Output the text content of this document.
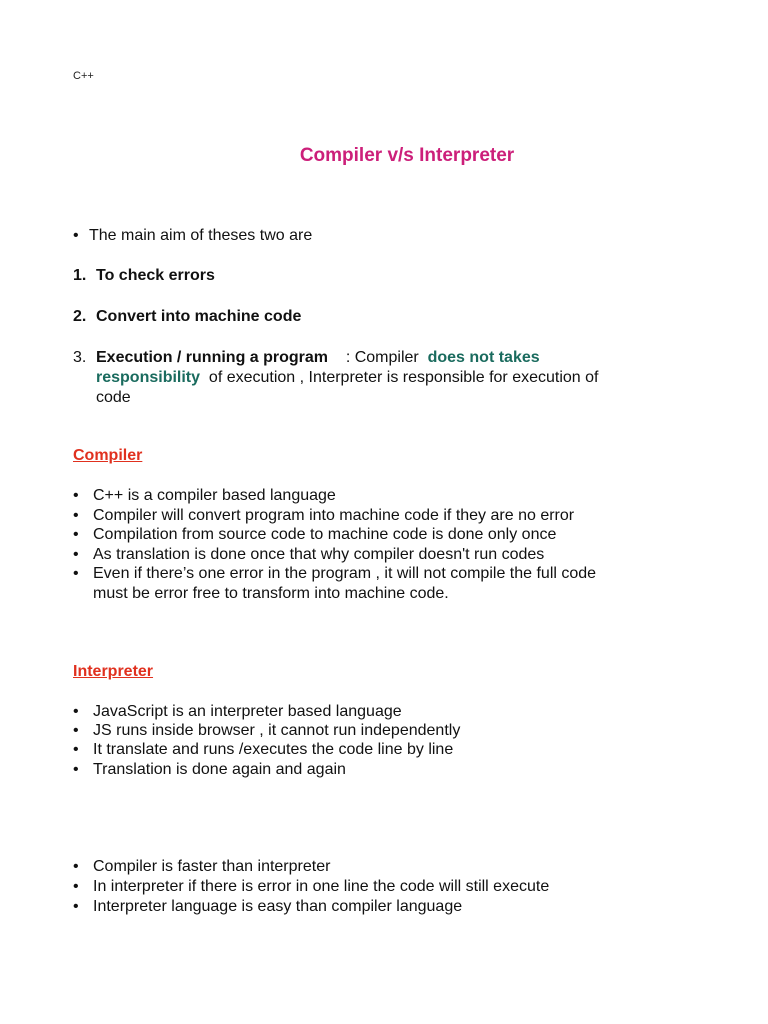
C++
Compiler v/s Interpreter
• The main aim of theses two are
1. To check errors
2. Convert into machine code
3. Execution / running a program : Compiler does not takes
responsibility of execution , Interpreter is responsible for execution of
code
Compiler
• C++ is a compiler based language
• Compiler will convert program into machine code if they are no error
• Compilation from source code to machine code is done only once
• As translation is done once that why compiler doesn't run codes
• Even if there’s one error in the program , it will not compile the full code
must be error free to transform into machine code.
Interpreter
• JavaScript is an interpreter based language
• JS runs inside browser , it cannot run independently
• It translate and runs /executes the code line by line
• Translation is done again and again
• Compiler is faster than interpreter
• In interpreter if there is error in one line the code will still execute
• Interpreter language is easy than compiler language
